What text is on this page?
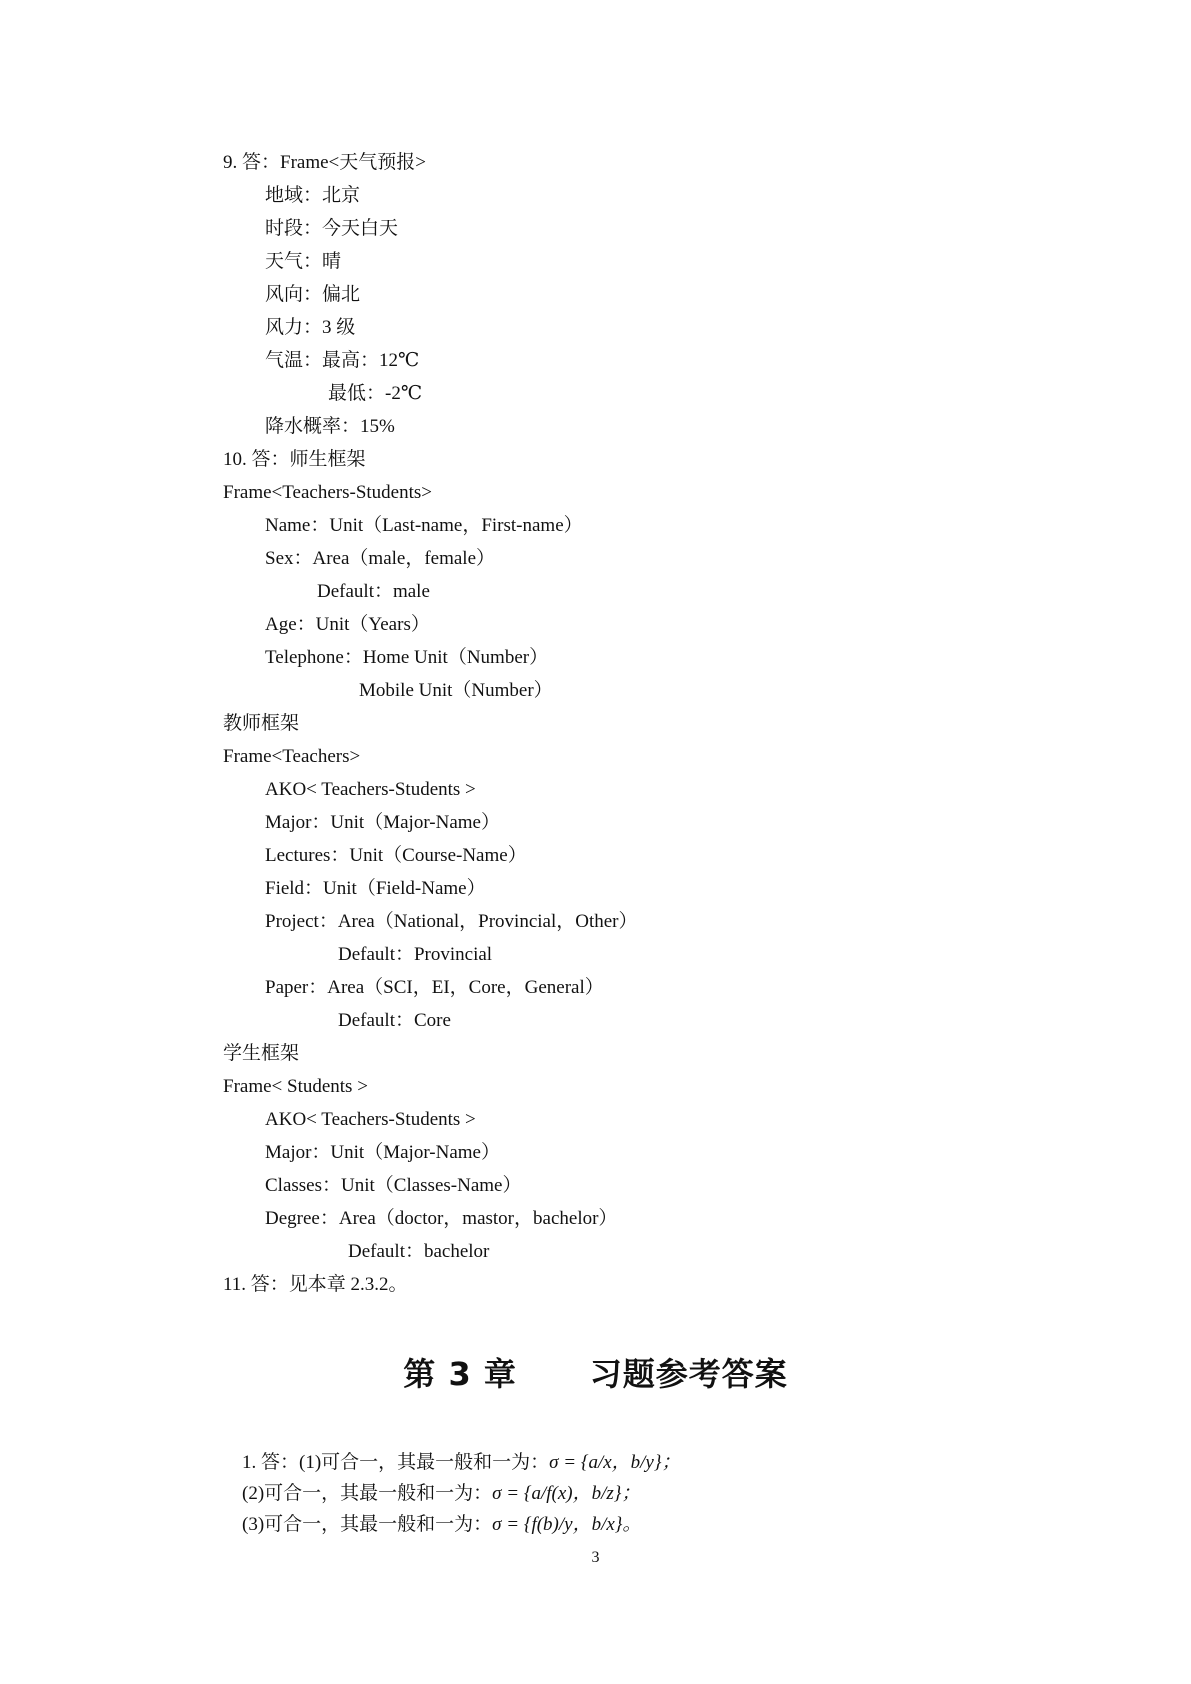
9. 答：Frame<天气预报>
地域：北京
时段：今天白天
天气：晴
风向：偏北
风力：3 级
气温：最高：12℃
最低：-2℃
降水概率：15%
10. 答：师生框架
Frame<Teachers-Students>
Name：Unit（Last-name，First-name）
Sex：Area（male，female）
Default：male
Age：Unit（Years）
Telephone：Home Unit（Number）
Mobile Unit（Number）
教师框架
Frame<Teachers>
AKO< Teachers-Students >
Major：Unit（Major-Name）
Lectures：Unit（Course-Name）
Field：Unit（Field-Name）
Project：Area（National，Provincial，Other）
Default：Provincial
Paper：Area（SCI，EI，Core，General）
Default：Core
学生框架
Frame< Students >
AKO< Teachers-Students >
Major：Unit（Major-Name）
Classes：Unit（Classes-Name）
Degree：Area（doctor，mastor，bachelor）
Default：bachelor
11. 答：见本章 2.3.2。
第 3 章      习题参考答案

1. 答：(1)可合一，其最一般和一为：σ = {a/x，b/y}；

(2)可合一，其最一般和一为：σ = {a/f(x)，b/z}；

(3)可合一，其最一般和一为：σ = {f(b)/y，b/x}。

3
